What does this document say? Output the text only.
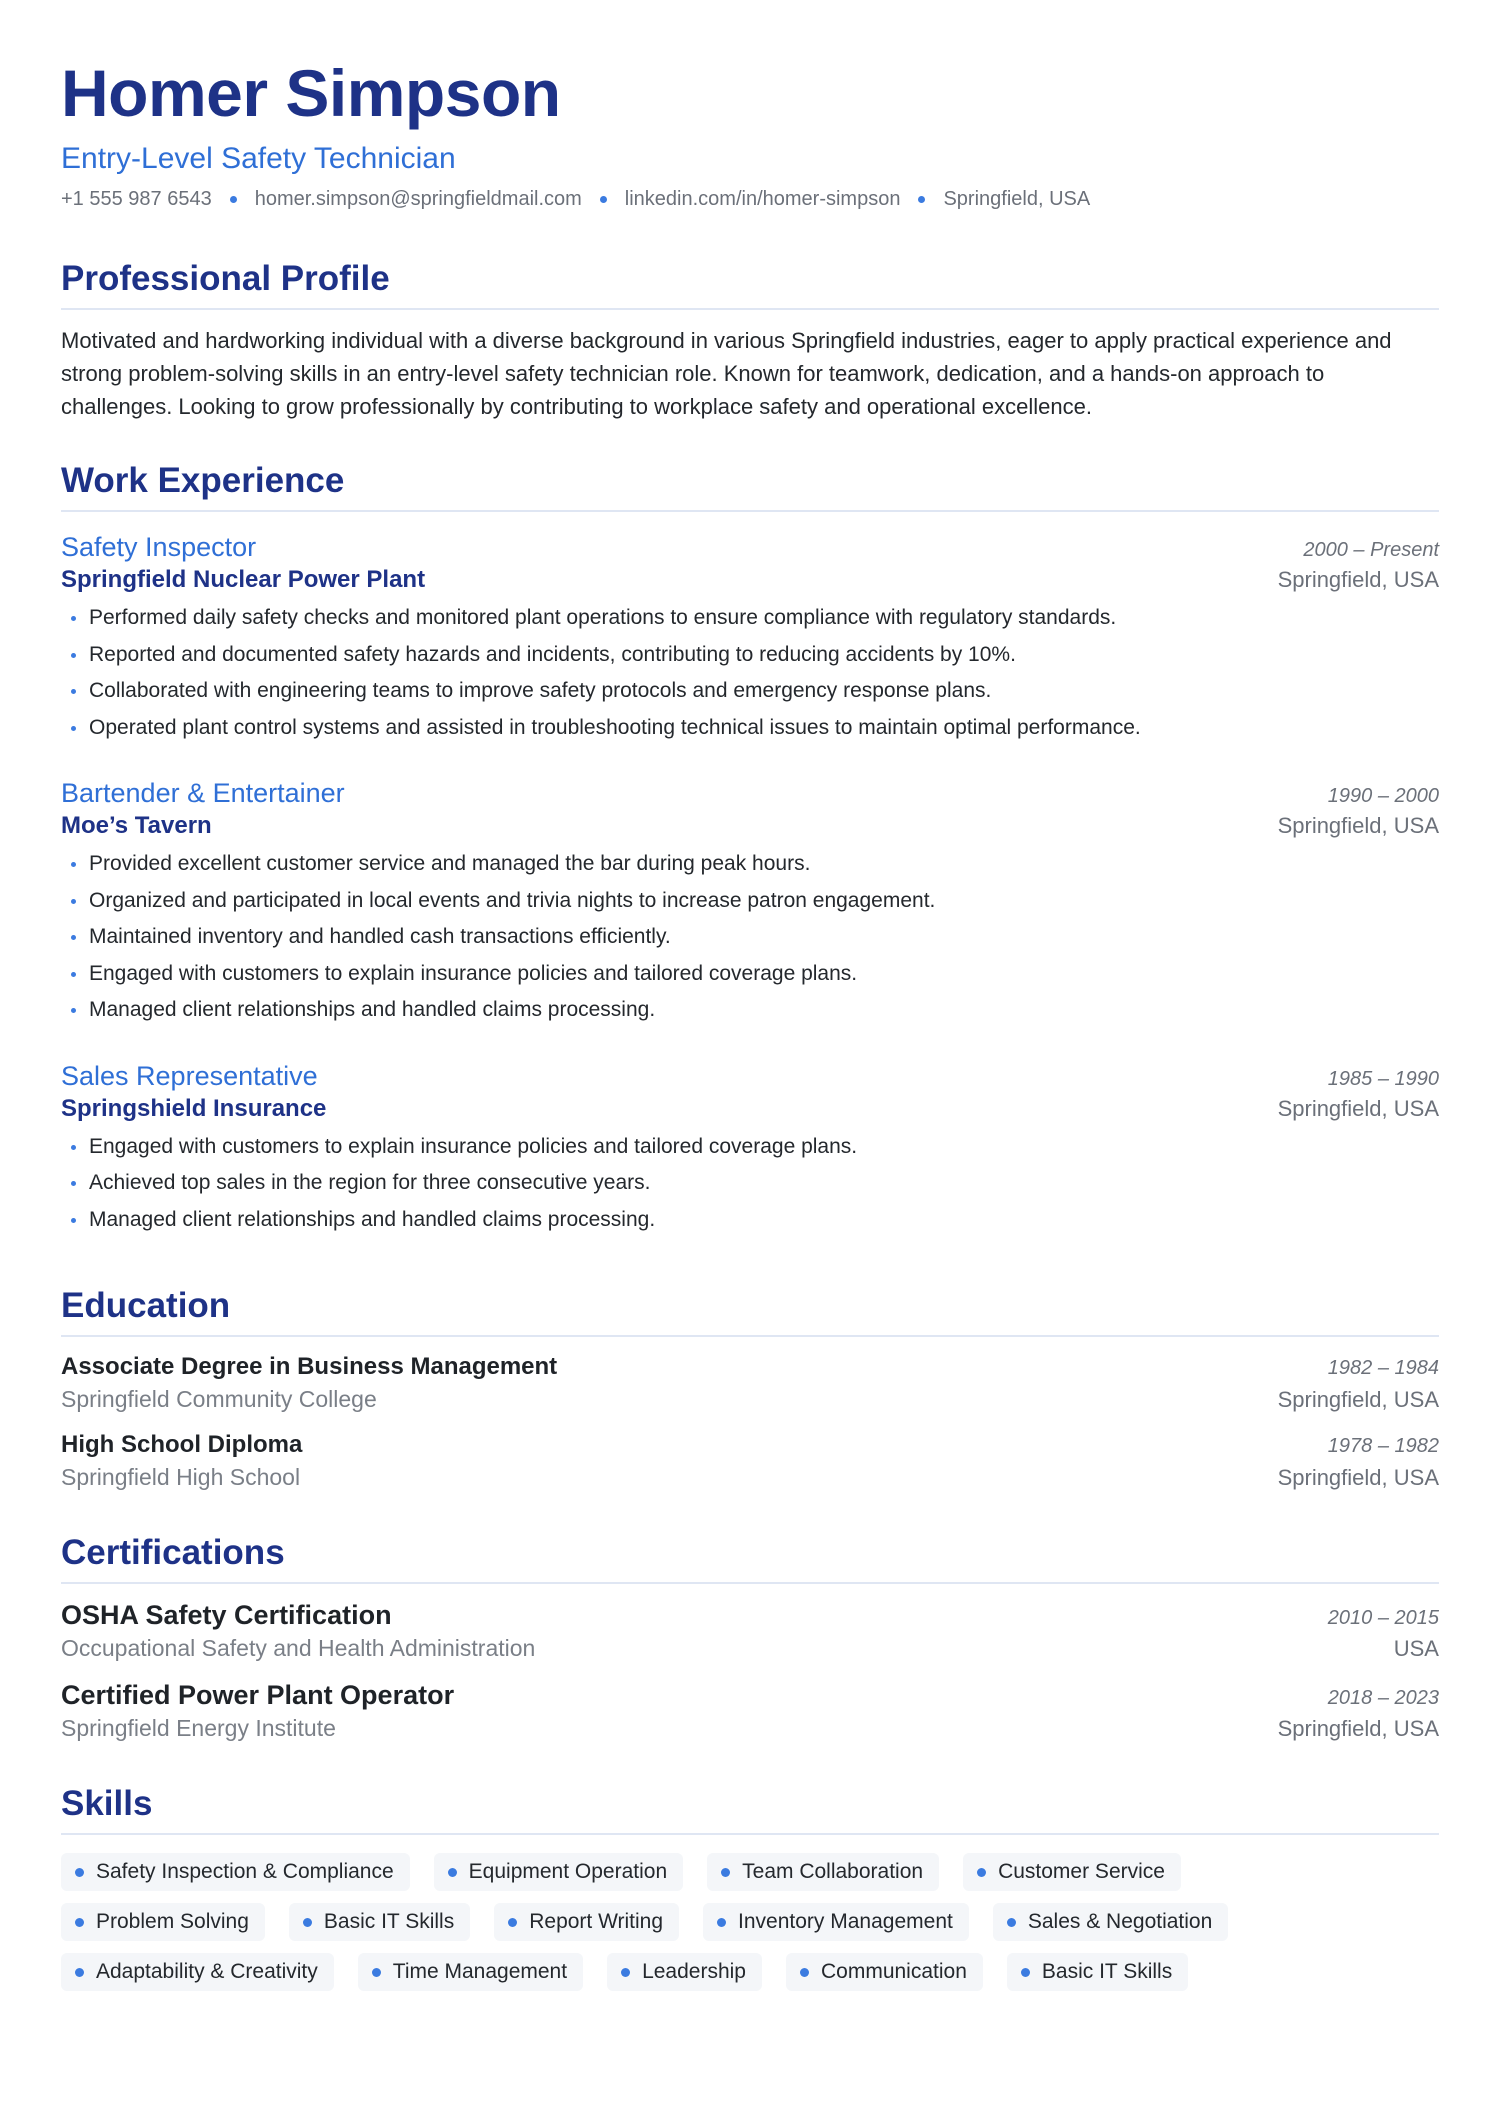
Homer Simpson
Entry-Level Safety Technician
+1 555 987 6543 homer.simpson@springfieldmail.com linkedin.com/in/homer-simpson Springfield, USA
Professional Profile

Motivated and hardworking individual with a diverse background in various Springfield industries, eager to apply practical experience and strong problem-solving skills in an entry-level safety technician role. Known for teamwork, dedication, and a hands-on approach to challenges. Looking to grow professionally by contributing to workplace safety and operational excellence.

Work Experience
Safety Inspector	2000 – Present
Springfield Nuclear Power Plant	Springfield, USA
Performed daily safety checks and monitored plant operations to ensure compliance with regulatory standards.
Reported and documented safety hazards and incidents, contributing to reducing accidents by 10%.
Collaborated with engineering teams to improve safety protocols and emergency response plans.
Operated plant control systems and assisted in troubleshooting technical issues to maintain optimal performance.
Bartender & Entertainer	1990 – 2000
Moe’s Tavern	Springfield, USA
Provided excellent customer service and managed the bar during peak hours.
Organized and participated in local events and trivia nights to increase patron engagement.
Maintained inventory and handled cash transactions efficiently.
Engaged with customers to explain insurance policies and tailored coverage plans.
Managed client relationships and handled claims processing.
Sales Representative	1985 – 1990
Springshield Insurance	Springfield, USA
Engaged with customers to explain insurance policies and tailored coverage plans.
Achieved top sales in the region for three consecutive years.
Managed client relationships and handled claims processing.
Education
Associate Degree in Business Management	1982 – 1984
Springfield Community College	Springfield, USA
High School Diploma	1978 – 1982
Springfield High School	Springfield, USA
Certifications
OSHA Safety Certification	2010 – 2015
Occupational Safety and Health Administration	USA
Certified Power Plant Operator	2018 – 2023
Springfield Energy Institute	Springfield, USA
Skills
Safety Inspection & Compliance	Equipment Operation	Team Collaboration	Customer Service
Problem Solving	Basic IT Skills	Report Writing	Inventory Management	Sales & Negotiation
Adaptability & Creativity	Time Management	Leadership	Communication	Basic IT Skills
